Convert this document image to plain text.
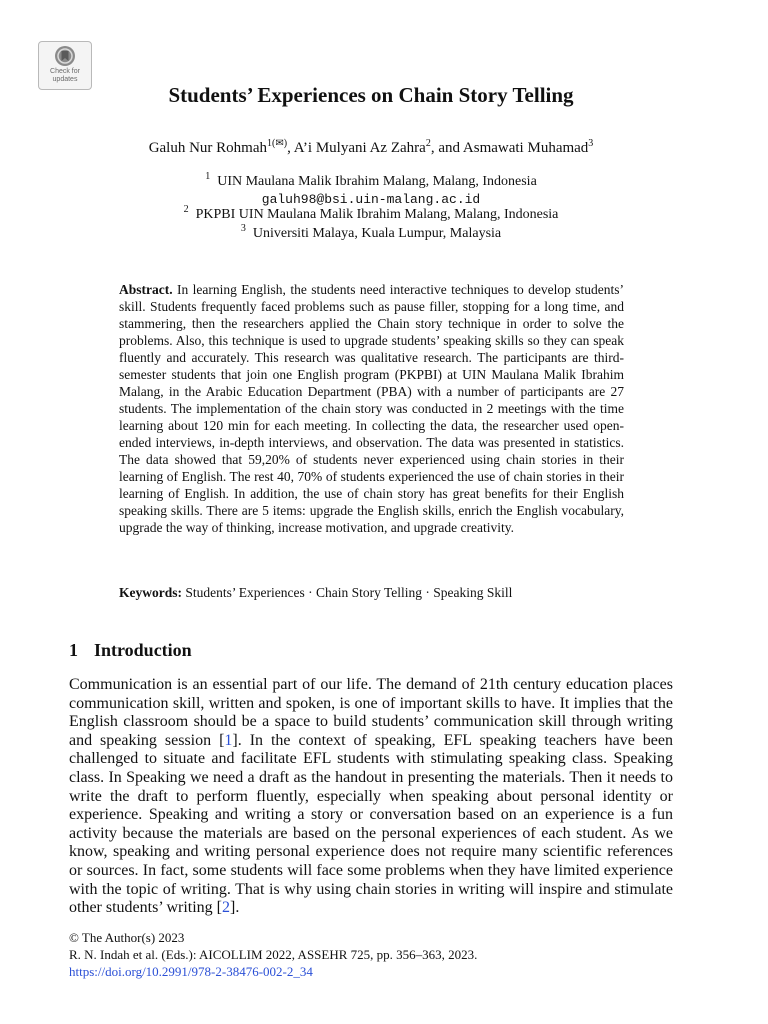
Check for
updates
Students’ Experiences on Chain Story Telling
Galuh Nur Rohmah$^{1(✉)}$, A’i Mulyani Az Zahra$^2$, and Asmawati Muhamad$^3$
$^1$ UIN Maulana Malik Ibrahim Malang, Malang, Indonesia
galuh98@bsi.uin-malang.ac.id
$^2$ PKPBI UIN Maulana Malik Ibrahim Malang, Malang, Indonesia
$^3$ Universiti Malaya, Kuala Lumpur, Malaysia
Abstract. In learning English, the students need interactive techniques to develop students’ skill. Students frequently faced problems such as pause filler, stopping for a long time, and stammering, then the researchers applied the Chain story technique in order to solve the problems. Also, this technique is used to upgrade students’ speaking skills so they can speak fluently and accurately. This research was qualitative research. The participants are third-semester students that join one English program (PKPBI) at UIN Maulana Malik Ibrahim Malang, in the Arabic Education Department (PBA) with a number of participants are 27 students. The implementation of the chain story was conducted in 2 meetings with the time learning about 120 min for each meeting. In collecting the data, the researcher used open-ended interviews, in-depth interviews, and observation. The data was presented in statistics. The data showed that 59,20% of students never experienced using chain stories in their learning of English. The rest 40, 70% of students experienced the use of chain stories in their learning of English. In addition, the use of chain story has great benefits for their English speaking skills. There are 5 items: upgrade the English skills, enrich the English vocabulary, upgrade the way of thinking, increase motivation, and upgrade creativity.
Keywords: Students’ Experiences · Chain Story Telling · Speaking Skill
1 Introduction
Communication is an essential part of our life. The demand of 21th century education places communication skill, written and spoken, is one of important skills to have. It implies that the English classroom should be a space to build students’ communication skill through writing and speaking session [1]. In the context of speaking, EFL speaking teachers have been challenged to situate and facilitate EFL students with stimulating speaking class. Speaking class. In Speaking we need a draft as the handout in presenting the materials. Then it needs to write the draft to perform fluently, especially when speaking about personal identity or experience. Speaking and writing a story or conversation based on an experience is a fun activity because the materials are based on the personal experiences of each student. As we know, speaking and writing personal experience does not require many scientific references or sources. In fact, some students will face some problems when they have limited experience with the topic of writing. That is why using chain stories in writing will inspire and stimulate other students’ writing [2].
© The Author(s) 2023
R. N. Indah et al. (Eds.): AICOLLIM 2022, ASSEHR 725, pp. 356–363, 2023.
https://doi.org/10.2991/978-2-38476-002-2_34
